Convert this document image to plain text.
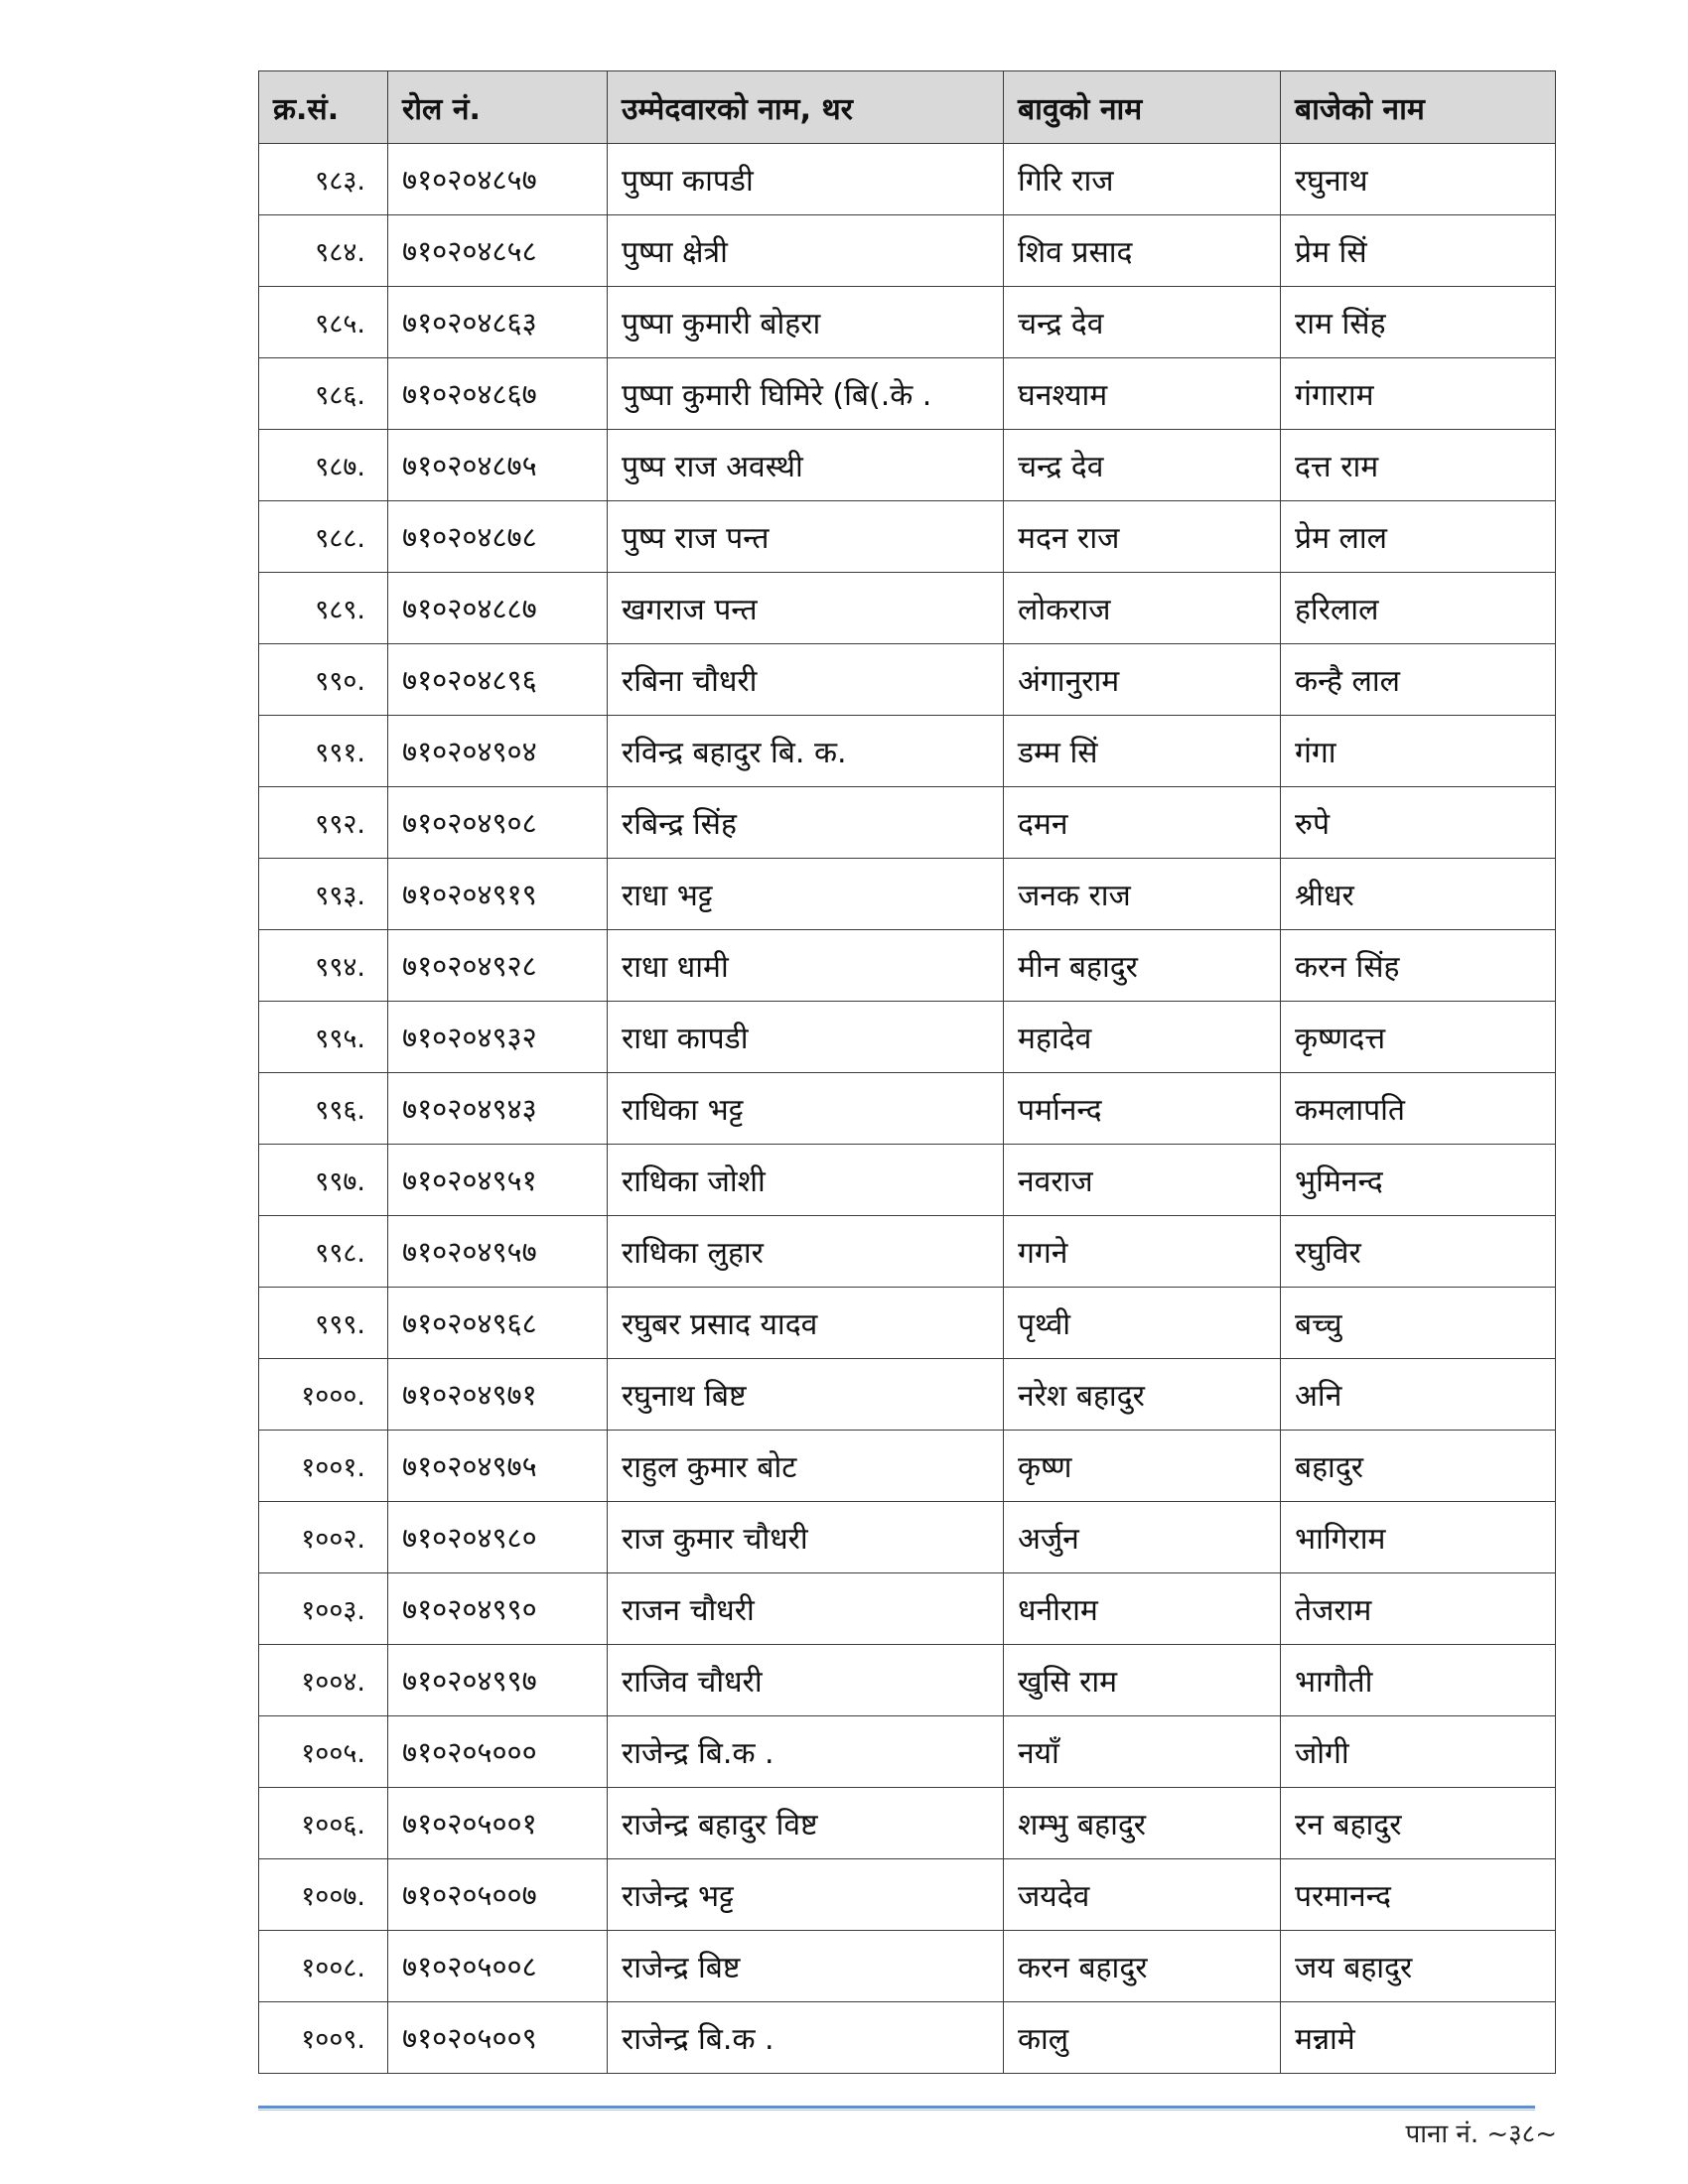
क्र.सं.	रोल नं.	उम्मेदवारको नाम, थर	बावुको नाम	बाजेको नाम
९८३.	७१०२०४८५७	पुष्पा कापडी	गिरि राज	रघुनाथ
९८४.	७१०२०४८५८	पुष्पा क्षेत्री	शिव प्रसाद	प्रेम सिं
९८५.	७१०२०४८६३	पुष्पा कुमारी बोहरा	चन्द्र देव	राम सिंह
९८६.	७१०२०४८६७	पुष्पा कुमारी घिमिरे (बि(.के .	घनश्याम	गंगाराम
९८७.	७१०२०४८७५	पुष्प राज अवस्थी	चन्द्र देव	दत्त राम
९८८.	७१०२०४८७८	पुष्प राज पन्त	मदन राज	प्रेम लाल
९८९.	७१०२०४८८७	खगराज पन्त	लोकराज	हरिलाल
९९०.	७१०२०४८९६	रबिना चौधरी	अंगानुराम	कन्है लाल
९९१.	७१०२०४९०४	रविन्द्र बहादुर बि. क.	डम्म सिं	गंगा
९९२.	७१०२०४९०८	रबिन्द्र सिंह	दमन	रुपे
९९३.	७१०२०४९१९	राधा भट्ट	जनक राज	श्रीधर
९९४.	७१०२०४९२८	राधा धामी	मीन बहादुर	करन सिंह
९९५.	७१०२०४९३२	राधा कापडी	महादेव	कृष्णदत्त
९९६.	७१०२०४९४३	राधिका भट्ट	पर्मानन्द	कमलापति
९९७.	७१०२०४९५१	राधिका जोशी	नवराज	भुमिनन्द
९९८.	७१०२०४९५७	राधिका लुहार	गगने	रघुविर
९९९.	७१०२०४९६८	रघुबर प्रसाद यादव	पृथ्वी	बच्चु
१०००.	७१०२०४९७१	रघुनाथ बिष्ट	नरेश बहादुर	अनि
१००१.	७१०२०४९७५	राहुल कुमार बोट	कृष्ण	बहादुर
१००२.	७१०२०४९८०	राज कुमार चौधरी	अर्जुन	भागिराम
१००३.	७१०२०४९९०	राजन चौधरी	धनीराम	तेजराम
१००४.	७१०२०४९९७	राजिव चौधरी	खुसि राम	भागौती
१००५.	७१०२०५०००	राजेन्द्र बि.क .	नयाँ	जोगी
१००६.	७१०२०५००१	राजेन्द्र बहादुर विष्ट	शम्भु बहादुर	रन बहादुर
१००७.	७१०२०५००७	राजेन्द्र भट्ट	जयदेव	परमानन्द
१००८.	७१०२०५००८	राजेन्द्र बिष्ट	करन बहादुर	जय बहादुर
१००९.	७१०२०५००९	राजेन्द्र बि.क .	कालु	मन्नामे
पाना नं. ~३८~
